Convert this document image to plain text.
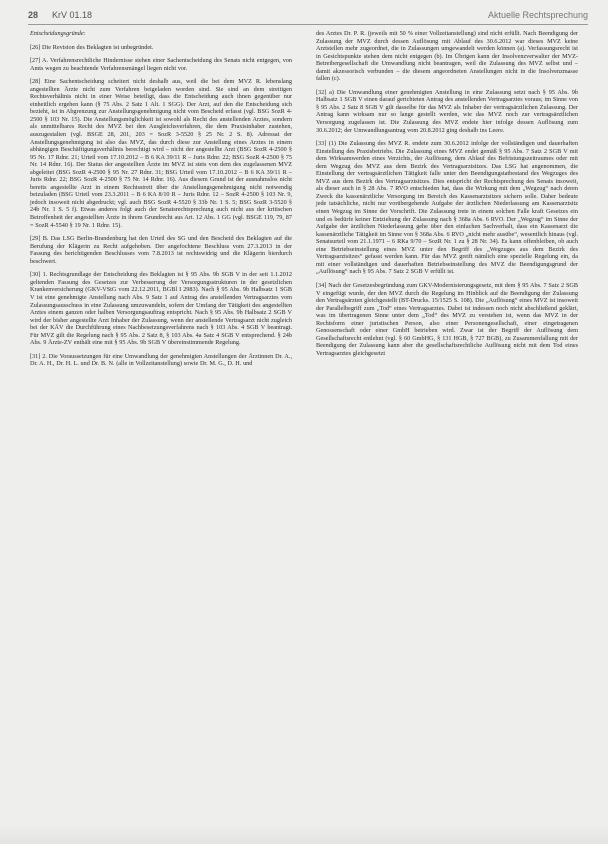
28 KrV 01.18	Aktuelle Rechtsprechung

Entscheidungsgründe:

[26] Die Revision des Beklagten ist unbegründet.

[27] A. Verfahrensrechtliche Hindernisse stehen einer Sachentscheidung des Senats nicht entgegen, von Amts wegen zu beachtende Verfahrensmängel liegen nicht vor.

[28] Eine Sachentscheidung scheitert nicht deshalb aus, weil die bei dem MVZ R. lebenslang angestellten Ärzte nicht zum Verfahren beigeladen worden sind. Sie sind an dem streitigen Rechtsverhältnis nicht in einer Weise beteiligt, dass die Entscheidung auch ihnen gegenüber nur einheitlich ergehen kann (§ 75 Abs. 2 Satz 1 Alt. 1 SGG). Der Arzt, auf den die Entscheidung sich bezieht, ist in Abgrenzung zur Anstellungsgenehmigung nicht vom Bescheid erfasst (vgl. BSG SozR 4-2500 § 103 Nr. 15). Die Anstellungsmöglichkeit ist sowohl als Recht des anstellenden Arztes, sondern als unmittelbares Recht des MVZ bei den Ausgleichsverfahren, die dem Praxisinhaber zustehen, auszugestalten (vgl. BSGE 28, 201, 203 = SozR 3-5520 § 25 Nr. 2 S. 8). Adressat der Anstellungsgenehmigung ist also das MVZ, das durch diese zur Anstellung eines Arztes in einem abhängigen Beschäftigungsverhältnis berechtigt wird – nicht der angestellte Arzt (BSG SozR 4-2500 § 95 Nr. 17 Rdnr. 21; Urteil vom 17.10.2012 – B 6 KA 39/11 R – Juris Rdnr. 22; BSG SozR 4-2500 § 75 Nr. 14 Rdnr. 16). Der Status der angestellten Ärzte im MVZ ist stets von dem des zugelassenen MVZ abgeleitet (BSG SozR 4-2500 § 95 Nr. 27 Rdnr. 31; BSG Urteil vom 17.10.2012 – B 6 KA 39/11 R – Juris Rdnr. 22; BSG SozR 4-2500 § 75 Nr. 14 Rdnr. 16). Aus diesem Grund ist der ausnahmslos nicht bereits angestellte Arzt in einem Rechtsstreit über die Anstellungsgenehmigung nicht notwendig beizuladen (BSG Urteil vom 23.3.2011 – B 6 KA 8/10 R – Juris Rdnr. 12 – SozR 4-2500 § 103 Nr. 9, jedoch insoweit nicht abgedruckt; vgl. auch BSG SozR 4-5520 § 33b Nr. 1 S. 5; BSG SozR 3-5520 § 24b Nr. 1 S. 5 f). Etwas anderes folgt auch der Senatsrechtsprechung auch nicht aus der kritischen Betroffenheit der angestellten Ärzte in ihrem Grundrecht aus Art. 12 Abs. 1 GG (vgl. BSGE 119, 79, 87 = SozR 4-5540 § 19 Nr. 1 Rdnr. 15).

[29] B. Das LSG Berlin-Brandenburg hat den Urteil des SG und den Bescheid des Beklagten auf die Berufung der Klägerin zu Recht aufgehoben. Der angefochtene Beschluss vom 27.3.2013 in der Fassung des berichtigenden Beschlusses vom 7.8.2013 ist rechtswidrig und die Klägerin hierdurch beschwert.

[30] 1. Rechtsgrundlage der Entscheidung des Beklagten ist § 95 Abs. 9b SGB V in der seit 1.1.2012 geltenden Fassung des Gesetzes zur Verbesserung der Versorgungsstrukturen in der gesetzlichen Krankenversicherung (GKV-VStG vom 22.12.2011, BGBl I 2983). Nach § 95 Abs. 9b Halbsatz 1 SGB V ist eine genehmigte Anstellung nach Abs. 9 Satz 1 auf Antrag des anstellenden Vertragsarztes vom Zulassungsausschuss in eine Zulassung umzuwandeln, sofern der Umfang der Tätigkeit des angestellten Arztes einem ganzen oder halben Versorgungsauftrag entspricht. Nach § 95 Abs. 9b Halbsatz 2 SGB V wird der bisher angestellte Arzt Inhaber der Zulassung, wenn der anstellende Vertragsarzt nicht zugleich bei der KÄV die Durchführung eines Nachbesetzungsverfahrens nach § 103 Abs. 4 SGB V beantragt. Für MVZ gilt die Regelung nach § 95 Abs. 2 Satz 8, § 103 Abs. 4a Satz 4 SGB V entsprechend. § 24b Abs. 9 Ärzte-ZV enthält eine mit § 95 Abs. 9b SGB V übereinstimmende Regelung.

[31] 2. Die Voraussetzungen für eine Umwandlung der genehmigten Anstellungen der Ärztinnen Dr. A., Dr. A. H., Dr. H. L. und Dr. B. N. (alle in Vollzeitanstellung) sowie Dr. M. G., D. H. und

des Arztes Dr. P. R. (jeweils mit 50 % einer Vollzeitanstellung) sind nicht erfüllt. Nach Beendigung der Zulassung der MVZ durch dessen Auflösung mit Ablauf des 30.6.2012 war dieses MVZ keine Arztstellen mehr zugeordnet, die in Zulassungen umgewandelt werden können (a). Verfassungsrecht ist in Gesichtspunkte stehen dem nicht entgegen (b). Im Übrigen kann der Insolvenzverwalter der MVZ-Betreibergesellschaft die Umwandlung nicht beantragen, weil die Zulassung des MVZ selbst und – damit akzessorisch verbunden – die diesem angeordneten Anstellungen nicht in die Insolvenzmasse fallen (c).

[32] a) Die Umwandlung einer genehmigten Anstellung in eine Zulassung setzt nach § 95 Abs. 9b Halbsatz 1 SGB V einen darauf gerichteten Antrag des anstellenden Vertragsarztes voraus; im Sinne von § 95 Abs. 2 Satz 8 SGB V gilt dasselbe für das MVZ als Inhaber der vertragsärztlichen Zulassung. Der Antrag kann wirksam nur so lange gestellt werden, wie das MVZ noch zur vertragsärztlichen Versorgung zugelassen ist. Die Zulassung des MVZ endete hier infolge dessen Auflösung zum 30.6.2012; der Umwandlungsantrag vom 20.8.2012 ging deshalb ins Leere.

[33] (1) Die Zulassung des MVZ R. endete zum 30.6.2012 infolge der vollständigen und dauerhaften Einstellung des Praxisbetriebs. Die Zulassung eines MVZ endet gemäß § 95 Abs. 7 Satz 2 SGB V mit dem Wirksamwerden eines Verzichts, der Auflösung, dem Ablauf des Befristungszeitraumes oder mit dem Wegzug des MVZ aus dem Bezirk des Vertragsarztsitzes. Das LSG hat angenommen, die Einstellung der vertragsärztlichen Tätigkeit falle unter den Beendigungstatbestand des Wegzuges des MVZ aus dem Bezirk des Vertragsarztsitzes. Dies entspricht der Rechtsprechung des Senats insoweit, als dieser auch in § 28 Abs. 7 RVO entschieden hat, dass die Wirkung mit dem „Wegzug“ nach deren Zweck die kassenärztliche Versorgung im Bereich des Kassenarztsitzes sichern solle. Daher bedeute jede tatsächliche, nicht nur vorübergehende Aufgabe der ärztlichen Niederlassung am Kassenarztsitz einen Wegzug im Sinne der Vorschrift. Die Zulassung trete in einem solchen Falle kraft Gesetzes ein und es bedürfe keiner Entziehung der Zulassung nach § 368a Abs. 6 RVO. Der „Wegzug“ im Sinne der Aufgabe der ärztlichen Niederlassung gehe über den einfachen Sachverhalt, dass ein Kassenarzt die kassenärztliche Tätigkeit im Sinne von § 368a Abs. 6 RVO „nicht mehr ausübe“, wesentlich hinaus (vgl. Senatsurteil vom 21.1.1971 – 6 RKa 9/70 – SozR Nr. 1 zu § 28 Nr. 34). Es kann offenbleiben, ob auch eine Betriebseinstellung eines MVZ unter den Begriff des „Wegzuges aus dem Bezirk des Vertragsarztsitzes“ gefasst werden kann. Für das MVZ greift nämlich eine spezielle Regelung ein, da mit einer vollständigen und dauerhaften Betriebseinstellung des MVZ die Beendigungsgrund der „Auflösung“ nach § 95 Abs. 7 Satz 2 SGB V erfüllt ist.

[34] Nach der Gesetzesbegründung zum GKV-Modernisierungsgesetz, mit dem § 95 Abs. 7 Satz 2 SGB V eingefügt wurde, der den MVZ durch die Regelung im Hinblick auf die Beendigung der Zulassung den Vertragsärzten gleichgestellt (BT-Drucks. 15/1525 S. 108). Die „Auflösung“ eines MVZ ist insoweit der Parallelbegriff zum „Tod“ eines Vertragsarztes. Dabei ist indessen noch nicht abschließend geklärt, was im übertragenen Sinne unter dem „Tod“ des MVZ zu verstehen ist, wenn das MVZ in der Rechtsform einer juristischen Person, also einer Personengesellschaft, einer eingetragenen Genossenschaft oder einer GmbH betrieben wird. Zwar ist der Begriff der Auflösung dem Gesellschaftsrecht entlehnt (vgl. § 60 GmbHG, § 131 HGB, § 727 BGB), zu Zusammenfallung mit der Beendigung der Zulassung kann aber die gesellschaftsrechtliche Auflösung nicht mit dem Tod eines Vertragsarztes gleichgesetzt
